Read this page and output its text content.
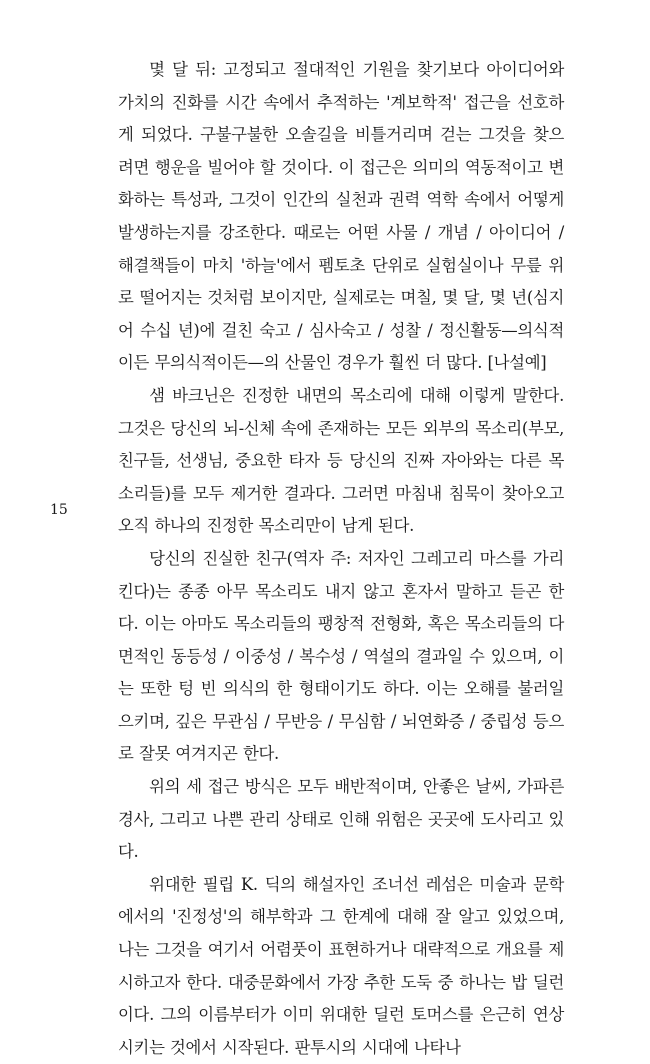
15

몇 달 뒤: 고정되고 절대적인 기원을 찾기보다 아이디어와 가치의 진화를 시간 속에서 추적하는 '계보학적' 접근을 선호하게 되었다. 구불구불한 오솔길을 비틀거리며 걷는 그것을 찾으려면 행운을 빌어야 할 것이다. 이 접근은 의미의 역동적이고 변화하는 특성과, 그것이 인간의 실천과 권력 역학 속에서 어떻게 발생하는지를 강조한다. 때로는 어떤 사물 / 개념 / 아이디어 / 해결책들이 마치 '하늘'에서 펨토초 단위로 실험실이나 무릎 위로 떨어지는 것처럼 보이지만, 실제로는 며칠, 몇 달, 몇 년(심지어 수십 년)에 걸친 숙고 / 심사숙고 / 성찰 / 정신활동—의식적이든 무의식적이든—의 산물인 경우가 훨씬 더 많다. [나설예]

샘 바크닌은 진정한 내면의 목소리에 대해 이렇게 말한다. 그것은 당신의 뇌-신체 속에 존재하는 모든 외부의 목소리(부모, 친구들, 선생님, 중요한 타자 등 당신의 진짜 자아와는 다른 목소리들)를 모두 제거한 결과다. 그러면 마침내 침묵이 찾아오고 오직 하나의 진정한 목소리만이 남게 된다.

당신의 진실한 친구(역자 주: 저자인 그레고리 마스를 가리킨다)는 종종 아무 목소리도 내지 않고 혼자서 말하고 듣곤 한다. 이는 아마도 목소리들의 팽창적 전형화, 혹은 목소리들의 다면적인 동등성 / 이중성 / 복수성 / 역설의 결과일 수 있으며, 이는 또한 텅 빈 의식의 한 형태이기도 하다. 이는 오해를 불러일으키며, 깊은 무관심 / 무반응 / 무심함 / 뇌연화증 / 중립성 등으로 잘못 여겨지곤 한다.

위의 세 접근 방식은 모두 배반적이며, 안좋은 날씨, 가파른 경사, 그리고 나쁜 관리 상태로 인해 위험은 곳곳에 도사리고 있다.

위대한 필립 K. 딕의 해설자인 조너선 레섬은 미술과 문학에서의 '진정성'의 해부학과 그 한계에 대해 잘 알고 있었으며, 나는 그것을 여기서 어렴풋이 표현하거나 대략적으로 개요를 제시하고자 한다. 대중문화에서 가장 추한 도둑 중 하나는 밥 딜런이다. 그의 이름부터가 이미 위대한 딜런 토머스를 은근히 연상시키는 것에서 시작된다. 판투시의 시대에 나타나
